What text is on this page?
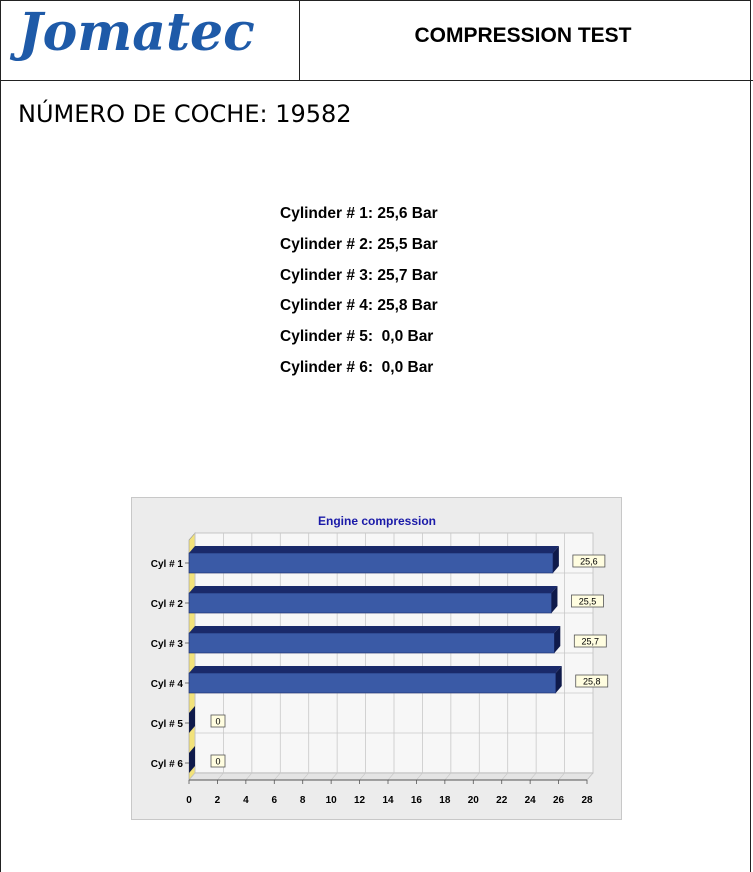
Jomatec	COMPRESSION TEST
NÚMERO DE COCHE: 19582
Cylinder # 1: 25,6 Bar
Cylinder # 2: 25,5 Bar
Cylinder # 3: 25,7 Bar
Cylinder # 4: 25,8 Bar
Cylinder # 5:  0,0 Bar
Cylinder # 6:  0,0 Bar
Engine compression
0 2 4 6 8 10 12 14 16 18 20 22 24 26 28
Cyl # 1	25,6
Cyl # 2	25,5
Cyl # 3	25,7
Cyl # 4	25,8
Cyl # 5	0
Cyl # 6	0
